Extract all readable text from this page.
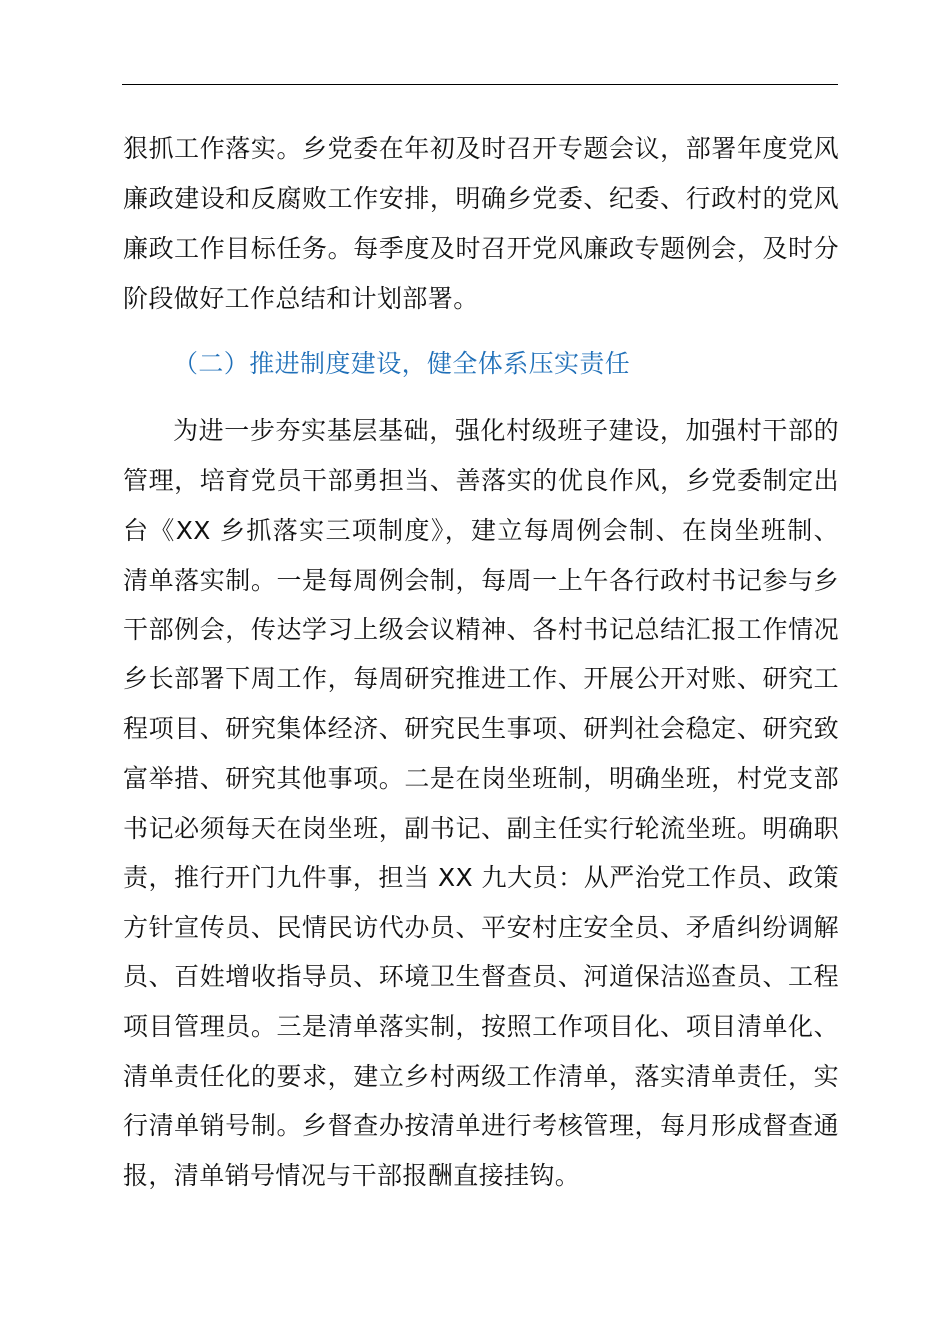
狠抓工作落实。乡党委在年初及时召开专题会议，部署年度党风
廉政建设和反腐败工作安排，明确乡党委、纪委、行政村的党风
廉政工作目标任务。每季度及时召开党风廉政专题例会，及时分
阶段做好工作总结和计划部署。
（二）推进制度建设，健全体系压实责任
为进一步夯实基层基础，强化村级班子建设，加强村干部的
管理，培育党员干部勇担当、善落实的优良作风，乡党委制定出
台《XX 乡抓落实三项制度》，建立每周例会制、在岗坐班制、
清单落实制。一是每周例会制，每周一上午各行政村书记参与乡
干部例会，传达学习上级会议精神、各村书记总结汇报工作情况
乡长部署下周工作，每周研究推进工作、开展公开对账、研究工
程项目、研究集体经济、研究民生事项、研判社会稳定、研究致
富举措、研究其他事项。二是在岗坐班制，明确坐班，村党支部
书记必须每天在岗坐班，副书记、副主任实行轮流坐班。明确职
责，推行开门九件事，担当 XX 九大员：从严治党工作员、政策
方针宣传员、民情民访代办员、平安村庄安全员、矛盾纠纷调解
员、百姓增收指导员、环境卫生督查员、河道保洁巡查员、工程
项目管理员。三是清单落实制，按照工作项目化、项目清单化、
清单责任化的要求，建立乡村两级工作清单，落实清单责任，实
行清单销号制。乡督查办按清单进行考核管理，每月形成督查通
报，清单销号情况与干部报酬直接挂钩。
